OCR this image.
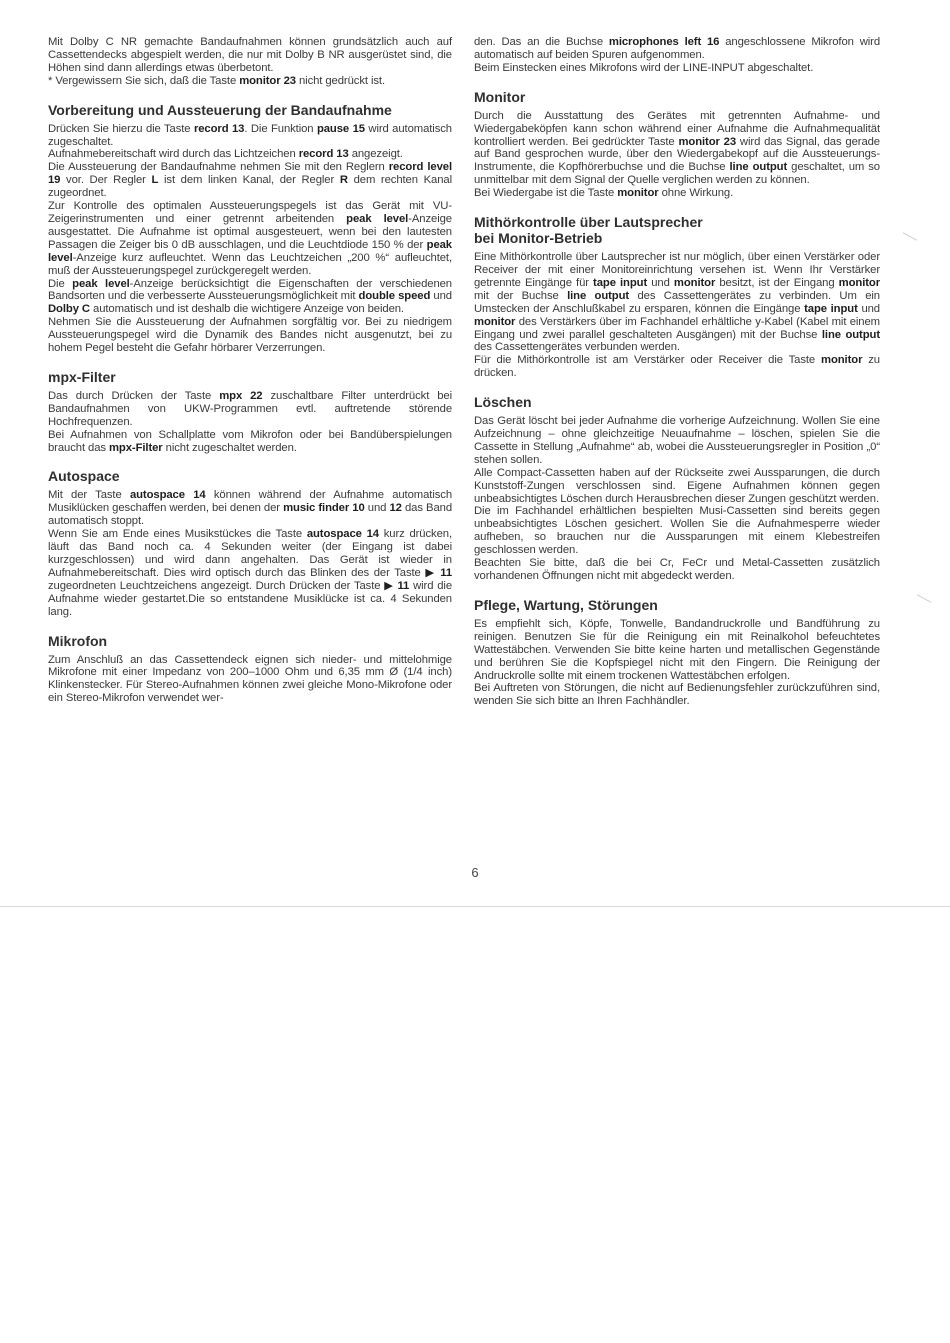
Mit Dolby C NR gemachte Bandaufnahmen können grundsätzlich auch auf Cassettendecks abgespielt werden, die nur mit Dolby B NR ausgerüstet sind, die Höhen sind dann allerdings etwas überbetont.

* Vergewissern Sie sich, daß die Taste monitor 23 nicht gedrückt ist.

Vorbereitung und Aussteuerung der Bandaufnahme

Drücken Sie hierzu die Taste record 13. Die Funktion pause 15 wird automatisch zugeschaltet.

Aufnahmebereitschaft wird durch das Lichtzeichen record 13 angezeigt.

Die Aussteuerung der Bandaufnahme nehmen Sie mit den Reglern record level 19 vor. Der Regler L ist dem linken Kanal, der Regler R dem rechten Kanal zugeordnet.

Zur Kontrolle des optimalen Aussteuerungspegels ist das Gerät mit VU-Zeigerinstrumenten und einer getrennt arbeitenden peak level-Anzeige ausgestattet. Die Aufnahme ist optimal ausgesteuert, wenn bei den lautesten Passagen die Zeiger bis 0 dB ausschlagen, und die Leuchtdiode 150 % der peak level-Anzeige kurz aufleuchtet. Wenn das Leuchtzeichen „200 %“ aufleuchtet, muß der Aussteuerungspegel zurückgeregelt werden.

Die peak level-Anzeige berücksichtigt die Eigenschaften der verschiedenen Bandsorten und die verbesserte Aussteuerungsmöglichkeit mit double speed und Dolby C automatisch und ist deshalb die wichtigere Anzeige von beiden.

Nehmen Sie die Aussteuerung der Aufnahmen sorgfältig vor. Bei zu niedrigem Aussteuerungspegel wird die Dynamik des Bandes nicht ausgenutzt, bei zu hohem Pegel besteht die Gefahr hörbarer Verzerrungen.

mpx-Filter

Das durch Drücken der Taste mpx 22 zuschaltbare Filter unterdrückt bei Bandaufnahmen von UKW-Programmen evtl. auftretende störende Hochfrequenzen.

Bei Aufnahmen von Schallplatte vom Mikrofon oder bei Bandüberspielungen braucht das mpx-Filter nicht zugeschaltet werden.

Autospace

Mit der Taste autospace 14 können während der Aufnahme automatisch Musiklücken geschaffen werden, bei denen der music finder 10 und 12 das Band automatisch stoppt.

Wenn Sie am Ende eines Musikstückes die Taste autospace 14 kurz drücken, läuft das Band noch ca. 4 Sekunden weiter (der Eingang ist dabei kurzgeschlossen) und wird dann angehalten. Das Gerät ist wieder in Aufnahmebereitschaft. Dies wird optisch durch das Blinken des der Taste ▶ 11 zugeordneten Leuchtzeichens angezeigt. Durch Drücken der Taste ▶ 11 wird die Aufnahme wieder gestartet.Die so entstandene Musiklücke ist ca. 4 Sekunden lang.

Mikrofon

Zum Anschluß an das Cassettendeck eignen sich nieder- und mittelohmige Mikrofone mit einer Impedanz von 200–1000 Ohm und 6,35 mm Ø (1/4 inch) Klinkenstecker. Für Stereo-Aufnahmen können zwei gleiche Mono-Mikrofone oder ein Stereo-Mikrofon verwendet wer-

den. Das an die Buchse microphones left 16 angeschlossene Mikrofon wird automatisch auf beiden Spuren aufgenommen.

Beim Einstecken eines Mikrofons wird der LINE-INPUT abgeschaltet.

Monitor

Durch die Ausstattung des Gerätes mit getrennten Aufnahme- und Wiedergabeköpfen kann schon während einer Aufnahme die Aufnahmequalität kontrolliert werden. Bei gedrückter Taste monitor 23 wird das Signal, das gerade auf Band gesprochen wurde, über den Wiedergabekopf auf die Aussteuerungs-Instrumente, die Kopfhörerbuchse und die Buchse line output geschaltet, um so unmittelbar mit dem Signal der Quelle verglichen werden zu können.

Bei Wiedergabe ist die Taste monitor ohne Wirkung.

Mithörkontrolle über Lautsprecher
bei Monitor-Betrieb

Eine Mithörkontrolle über Lautsprecher ist nur möglich, über einen Verstärker oder Receiver der mit einer Monitoreinrichtung versehen ist. Wenn Ihr Verstärker getrennte Eingänge für tape input und monitor besitzt, ist der Eingang monitor mit der Buchse line output des Cassettengerätes zu verbinden. Um ein Umstecken der Anschlußkabel zu ersparen, können die Eingänge tape input und monitor des Verstärkers über im Fachhandel erhältliche y-Kabel (Kabel mit einem Eingang und zwei parallel geschalteten Ausgängen) mit der Buchse line output des Cassettengerätes verbunden werden.

Für die Mithörkontrolle ist am Verstärker oder Receiver die Taste monitor zu drücken.

Löschen

Das Gerät löscht bei jeder Aufnahme die vorherige Aufzeichnung. Wollen Sie eine Aufzeichnung – ohne gleichzeitige Neuaufnahme – löschen, spielen Sie die Cassette in Stellung „Aufnahme“ ab, wobei die Aussteuerungsregler in Position „0“ stehen sollen.

Alle Compact-Cassetten haben auf der Rückseite zwei Aussparungen, die durch Kunststoff-Zungen verschlossen sind. Eigene Aufnahmen können gegen unbeabsichtigtes Löschen durch Herausbrechen dieser Zungen geschützt werden.

Die im Fachhandel erhältlichen bespielten Musi-Cassetten sind bereits gegen unbeabsichtigtes Löschen gesichert. Wollen Sie die Aufnahmesperre wieder aufheben, so brauchen nur die Aussparungen mit einem Klebestreifen geschlossen werden.

Beachten Sie bitte, daß die bei Cr, FeCr und Metal-Cassetten zusätzlich vorhandenen Öffnungen nicht mit abgedeckt werden.

Pflege, Wartung, Störungen

Es empfiehlt sich, Köpfe, Tonwelle, Bandandruckrolle und Bandführung zu reinigen. Benutzen Sie für die Reinigung ein mit Reinalkohol befeuchtetes Wattestäbchen. Verwenden Sie bitte keine harten und metallischen Gegenstände und berühren Sie die Kopfspiegel nicht mit den Fingern. Die Reinigung der Andruckrolle sollte mit einem trockenen Wattestäbchen erfolgen.

Bei Auftreten von Störungen, die nicht auf Bedienungsfehler zurückzuführen sind, wenden Sie sich bitte an Ihren Fachhändler.

6
